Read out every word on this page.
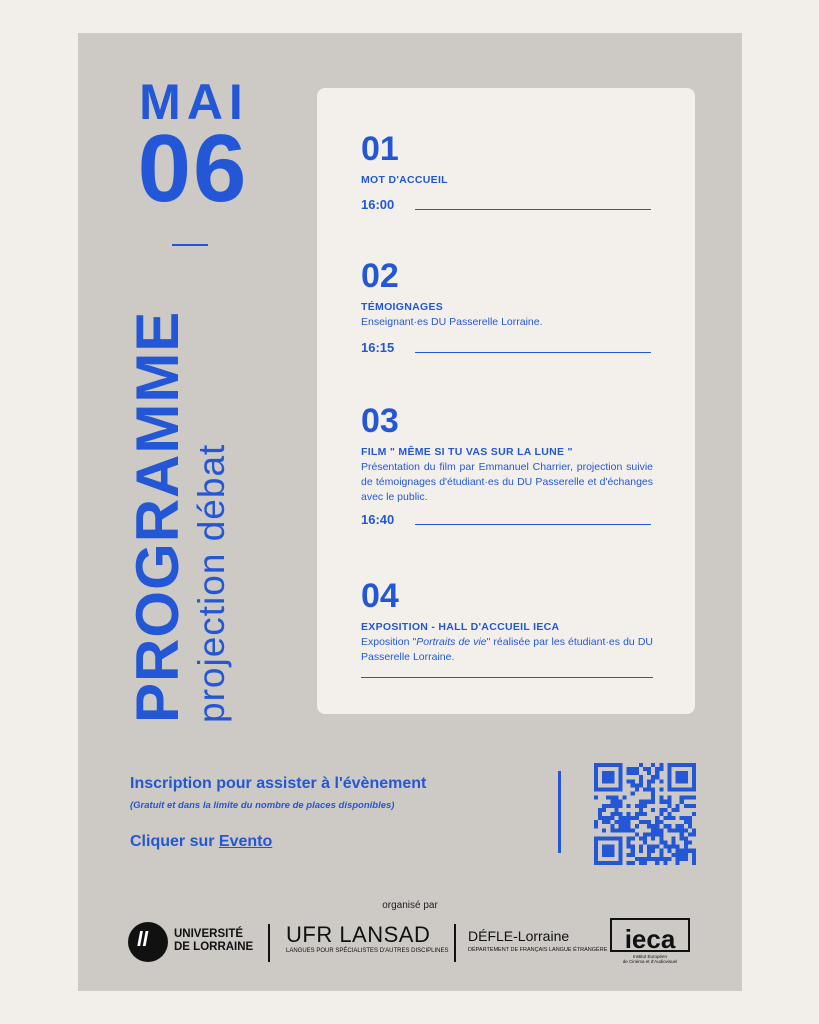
MAI
06
PROGRAMME projection débat
01
MOT D'ACCUEIL
16:00
02
TÉMOIGNAGES
Enseignant·es DU Passerelle Lorraine.
16:15
03
FILM " MÊME SI TU VAS SUR LA LUNE "
Présentation du film par Emmanuel Charrier, projection suivie de témoignages d'étudiant·es du DU Passerelle et d'échanges avec le public.
16:40
04
EXPOSITION - HALL D'ACCUEIL IECA
Exposition "Portraits de vie" réalisée par les étudiant·es du DU Passerelle Lorraine.
Inscription pour assister à l'évènement
(Gratuit et dans la limite du nombre de places disponibles)
Cliquer sur Evento
organisé par
ll UNIVERSITÉ
DE LORRAINE UFR LANSAD
LANGUES POUR SPÉCIALISTES D'AUTRES DISCIPLINES
DÉFLE-Lorraine
DÉPARTEMENT DE FRANÇAIS LANGUE ÉTRANGÈRE ieca
Institut Européen
de Cinéma et d'Audiovisuel
